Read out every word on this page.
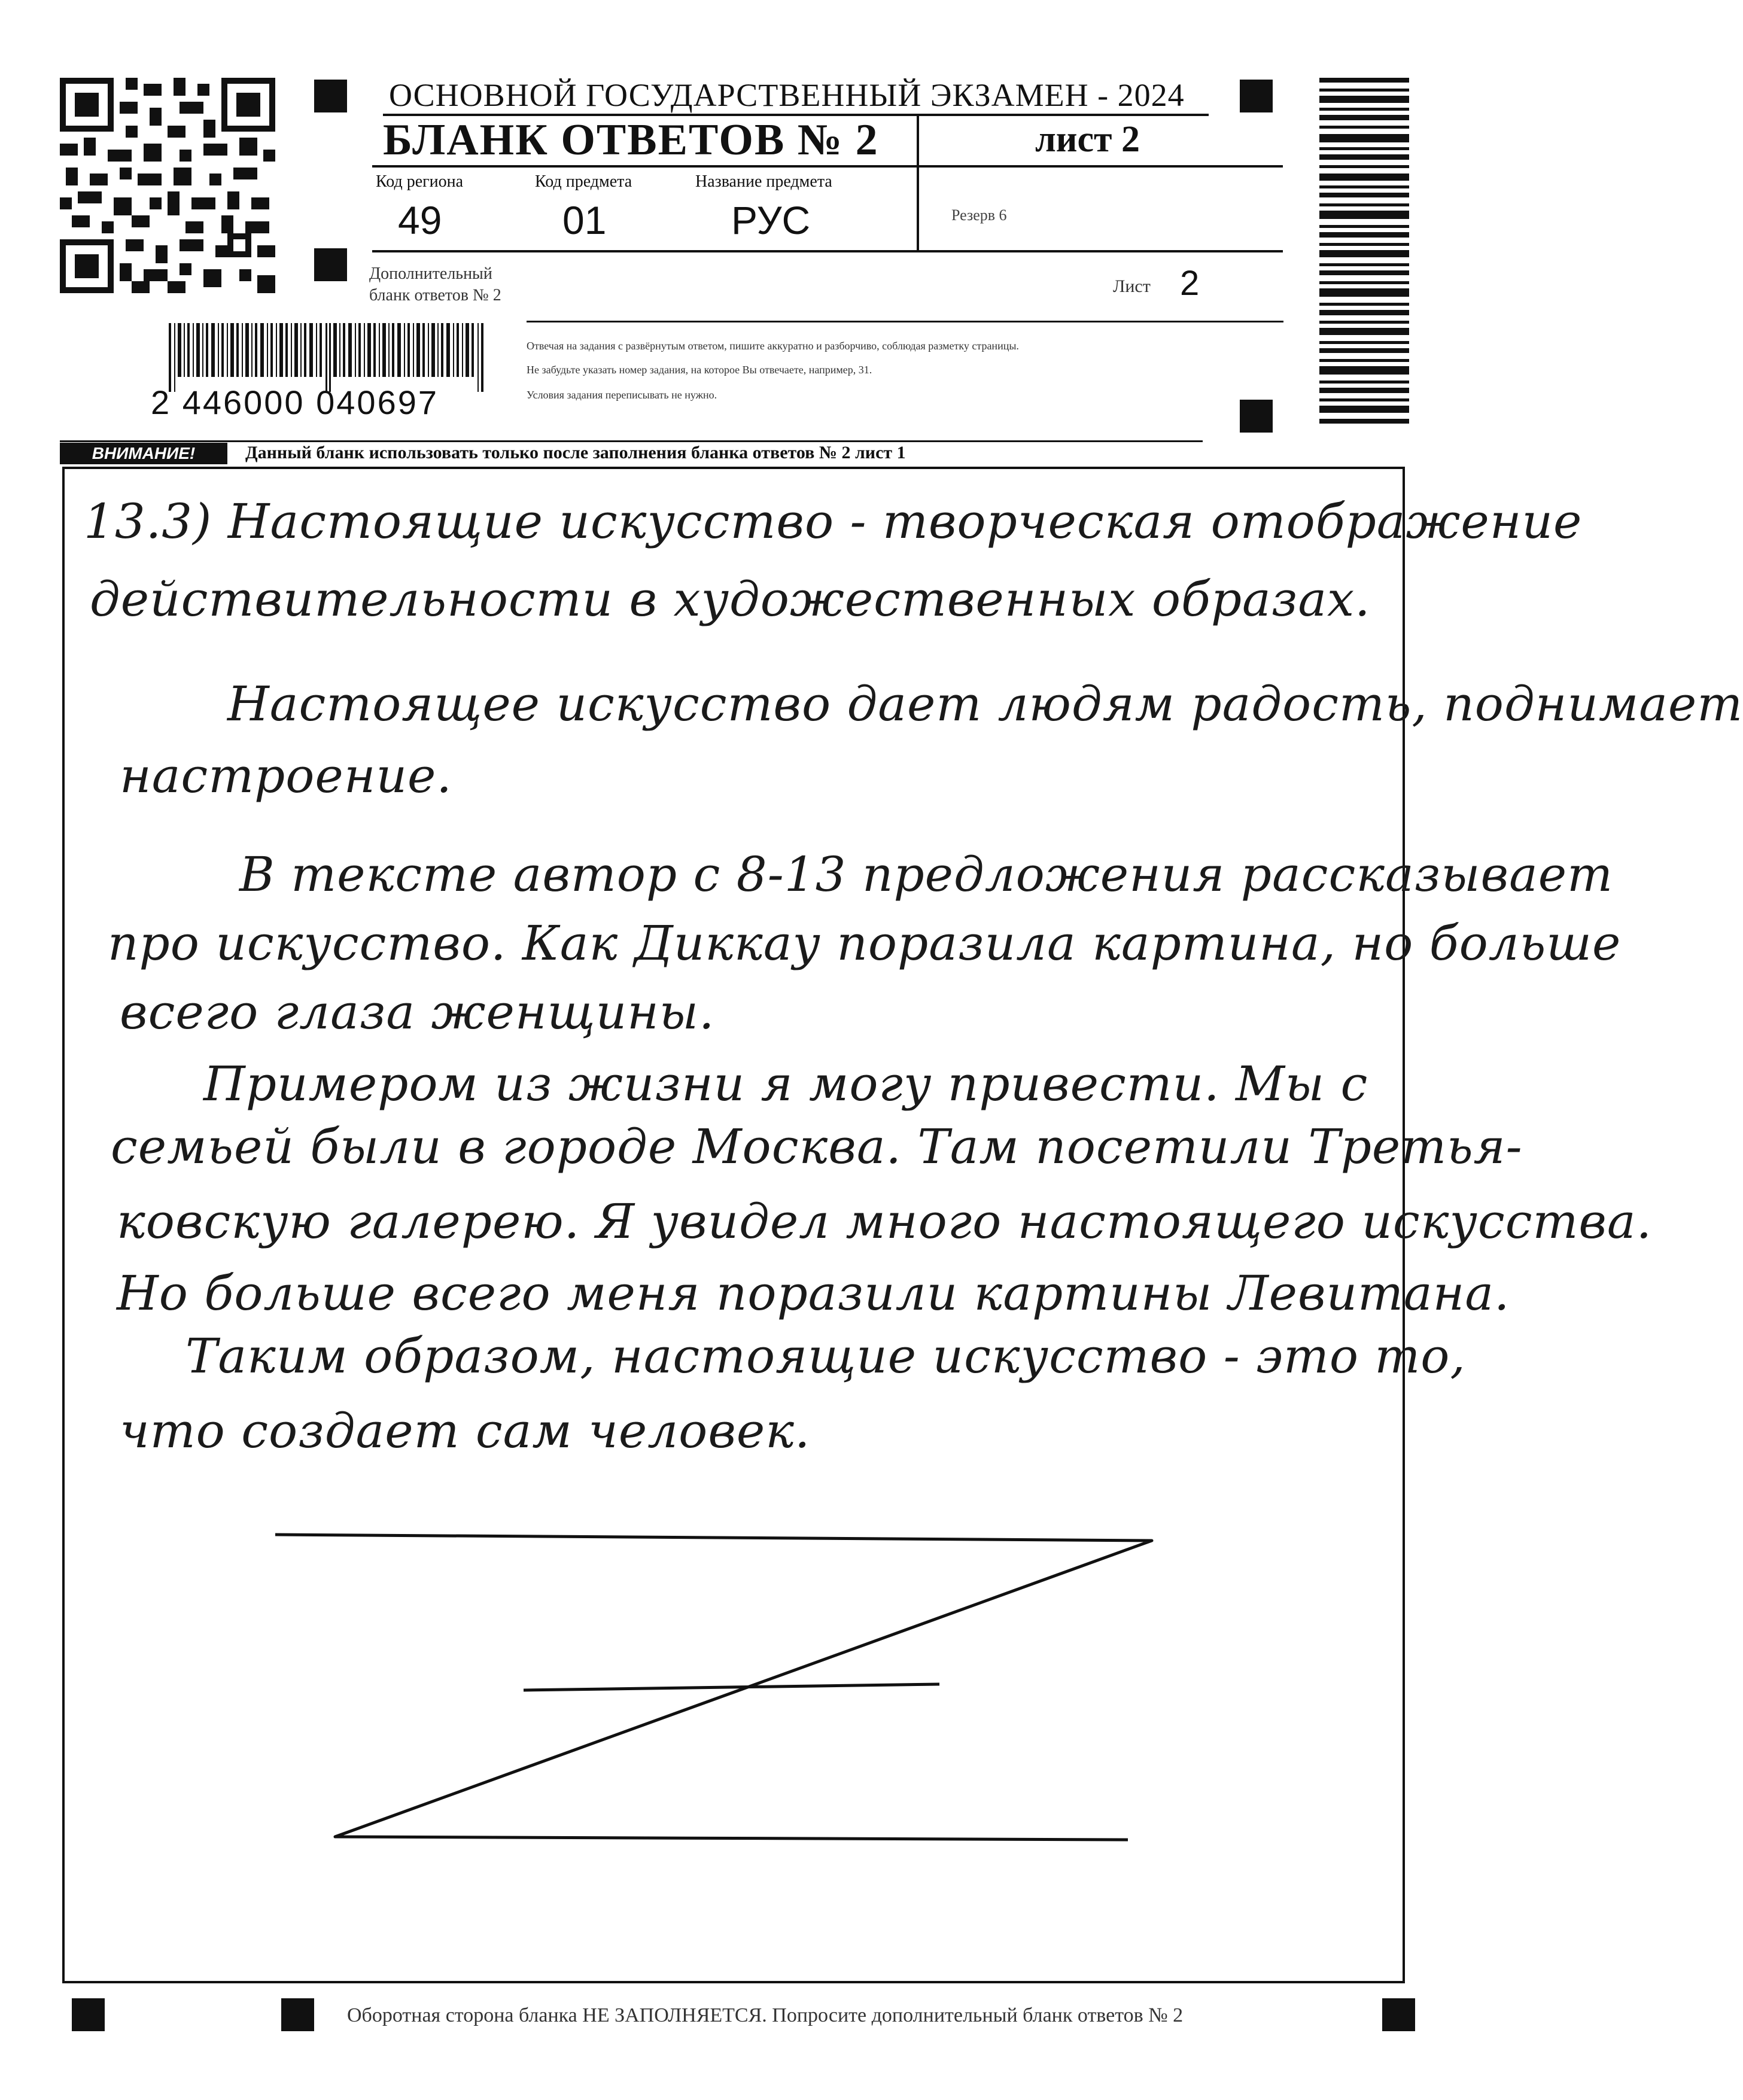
ОСНОВНОЙ ГОСУДАРСТВЕННЫЙ ЭКЗАМЕН - 2024
БЛАНК ОТВЕТОВ № 2	лист 2
Код региона
49
Код предмета
01
Название предмета
РУС	Резерв 6
Дополнительный
бланк ответов № 2	Лист 2
2 446000 040697
Отвечая на задания с развёрнутым ответом, пишите аккуратно и разборчиво, соблюдая разметку страницы.
Не забудьте указать номер задания, на которое Вы отвечаете, например, 31.
Условия задания переписывать не нужно.
ВНИМАНИЕ!	Данный бланк использовать только после заполнения бланка ответов № 2 лист 1
13.3) Настоящие искусство - творческая отображение
действительности в художественных образах.
Настоящее искусство дает людям радость, поднимает
настроение.
В тексте автор с 8-13 предложения рассказывает
про искусство. Как Диккау поразила картина, но больше
всего глаза женщины.
Примером из жизни я могу привести. Мы с
семьей были в городе Москва. Там посетили Третья-
ковскую галерею. Я увидел много настоящего искусства.
Но больше всего меня поразили картины Левитана.
Таким образом, настоящие искусство - это то,
что создает сам человек.
Оборотная сторона бланка НЕ ЗАПОЛНЯЕТСЯ. Попросите дополнительный бланк ответов № 2
